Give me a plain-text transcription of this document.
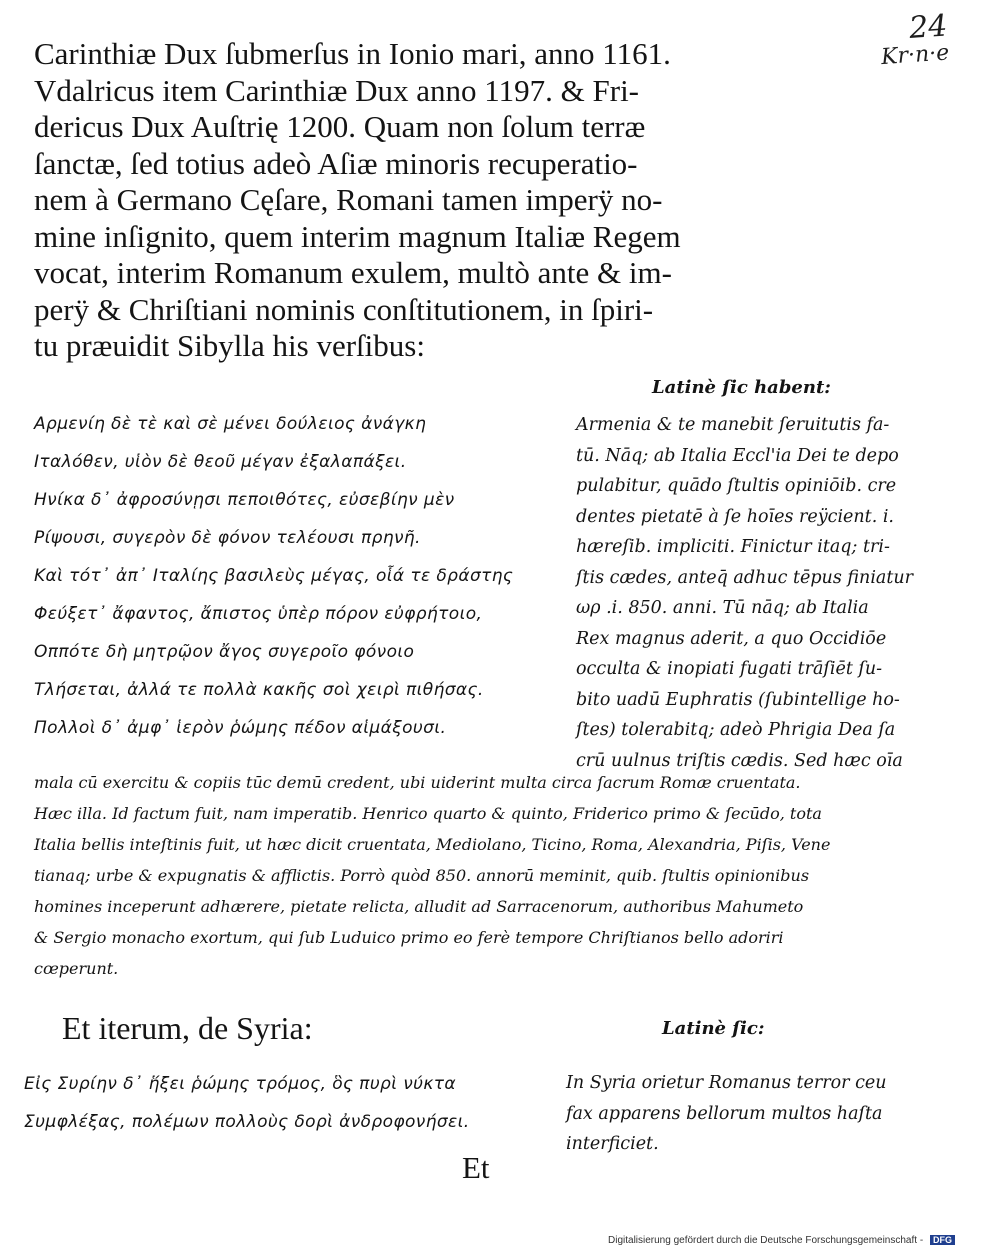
24
Kr·n·e
Carinthiæ Dux ſubmerſus in Ionio mari, anno 1161.
Vdalricus item Carinthiæ Dux anno 1197. & Fri-
dericus Dux Auſtrię 1200. Quam non ſolum terræ
ſanctæ, ſed totius adeò Aſiæ minoris recuperatio-
nem à Germano Cęſare, Romani tamen imperÿ no-
mine inſignito, quem interim magnum Italiæ Regem
vocat, interim Romanum exulem, multò ante & im-
perÿ & Chriſtiani nominis conſtitutionem, in ſpiri-
tu præuidit Sibylla his verſibus:
Latinè ſic habent:
Αρμενίη δὲ τὲ καὶ σὲ μένει δούλειος ἀνάγκη
Ιταλόθεν, υἱὸν δὲ θεοῦ μέγαν ἐξαλαπάξει.
Ηνίκα δ᾽ ἀφροσύνῃσι πεποιθότες, εὐσεβίην μὲν
Ρίψουσι, συγερὸν δὲ φόνον τελέουσι πρηνῆ.
Καὶ τότ᾽ ἀπ᾽ Ιταλίης βασιλεὺς μέγας, οἷά τε δράστης
Φεύξετ᾽ ἄφαντος, ἄπιστος ὑπὲρ πόρον εὐφρήτοιο,
Οππότε δὴ μητρῷον ἄγος συγεροῖο φόνοιο
Τλήσεται, ἀλλά τε πολλὰ κακῆς σοὶ χειρὶ πιθήσας.
Πολλοὶ δ᾽ ἀμφ᾽ ἱερὸν ῥώμης πέδον αἱμάξουσι.
Armenia & te manebit ſeruitutis fa-
tū. Nāq; ab Italia Eccl'ia Dei te depo
pulabitur, quādo ſtultis opiniōib. cre
dentes pietatē à ſe hoīes reÿcient. i.
hæreſib. impliciti. Finictur itaq; tri-
ſtis cædes, anteq̄ adhuc tēpus finiatur
ωρ .i. 850. anni. Tū nāq; ab Italia
Rex magnus aderit, a quo Occidiōe
occulta & inopiati fugati trāſiēt ſu-
bito uadū Euphratis (ſubintellige ho-
ſtes) tolerabitq; adeò Phrigia Dea ſa
crū uulnus triſtis cædis. Sed hæc oīa
mala cū exercitu & copiis tūc demū credent, ubi uiderint multa circa ſacrum Romæ cruentata.
Hæc illa. Id factum fuit, nam imperatib. Henrico quarto & quinto, Friderico primo & ſecūdo, tota
Italia bellis inteſtinis fuit, ut hæc dicit cruentata, Mediolano, Ticino, Roma, Alexandria, Piſis, Vene
tianaq; urbe & expugnatis & afflictis. Porrò quòd 850. annorū meminit, quib. ſtultis opinionibus
homines inceperunt adhærere, pietate relicta, alludit ad Sarracenorum, authoribus Mahumeto
& Sergio monacho exortum, qui ſub Luduico primo eo ferè tempore Chriſtianos bello adoriri
cœperunt.
Et iterum, de Syria:	Latinè ſic:
Εἰς Συρίην δ᾽ ἥξει ῥώμης τρόμος, ὃς πυρὶ νύκτα
Συμφλέξας, πολέμων πολλοὺς δορὶ ἀνδροφονήσει.
In Syria orietur Romanus terror ceu
fax apparens bellorum multos haſta
interficiet.
Et
Digitalisierung gefördert durch die Deutsche Forschungsgemeinschaft - DFG
